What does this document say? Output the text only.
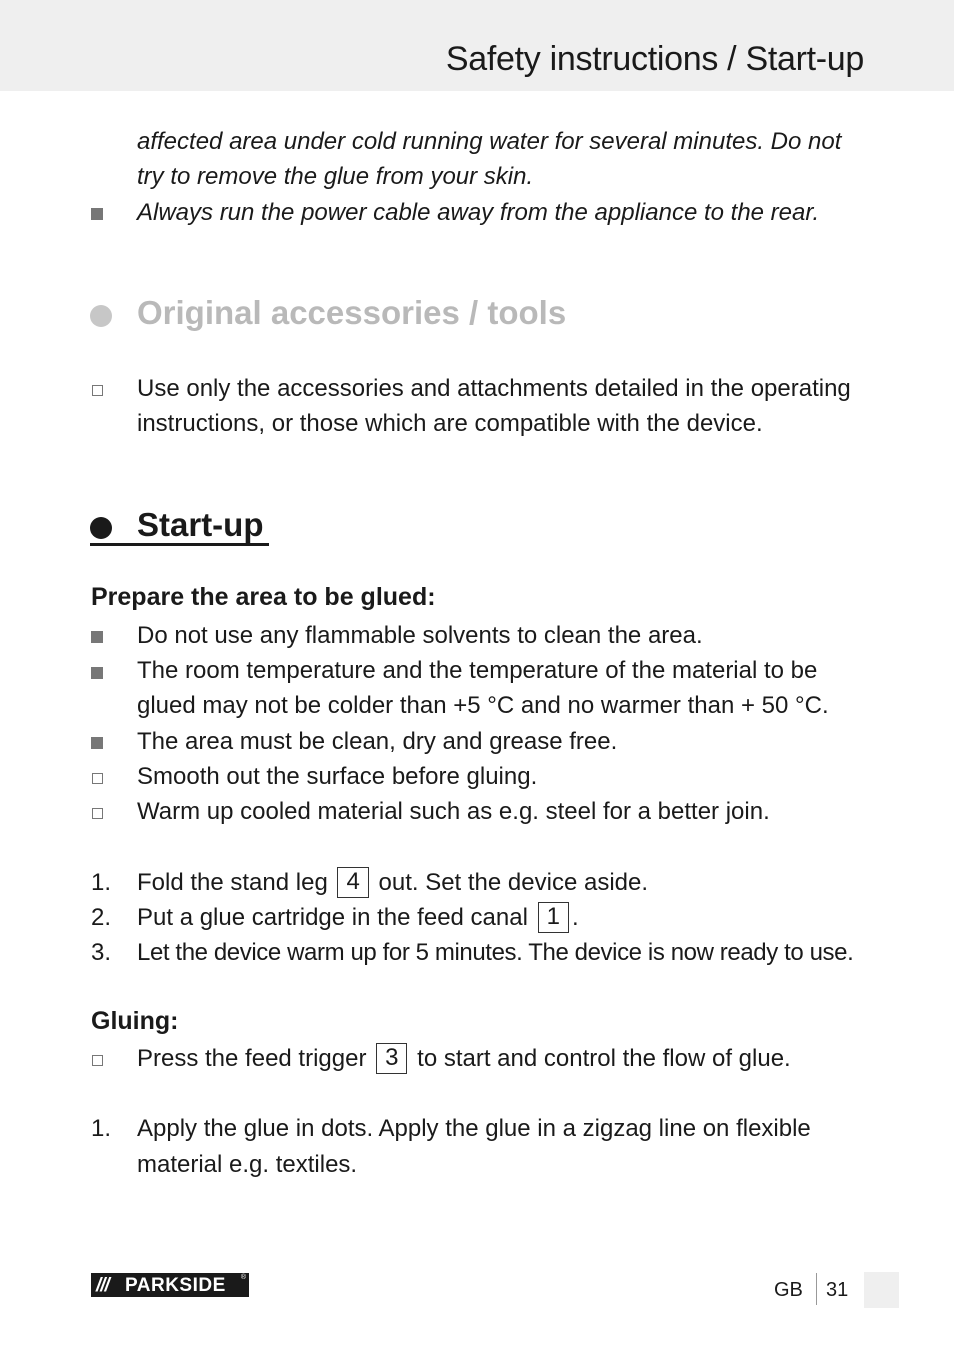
Safety instructions / Start-up
affected area under cold running water for several minutes. Do not
try to remove the glue from your skin.
Always run the power cable away from the appliance to the rear.
Original accessories / tools
Use only the accessories and attachments detailed in the operating
instructions, or those which are compatible with the device.
Start-up
Prepare the area to be glued:
Do not use any flammable solvents to clean the area.
The room temperature and the temperature of the material to be
glued may not be colder than +5 °C and no warmer than + 50 °C.
The area must be clean, dry and grease free.
Smooth out the surface before gluing.
Warm up cooled material such as e.g. steel for a better join.
1. Fold the stand leg 4 out. Set the device aside.
2. Put a glue cartridge in the feed canal 1 .
3. Let the device warm up for 5 minutes. The device is now ready to use.
Gluing:
Press the feed trigger 3 to start and control the flow of glue.
1. Apply the glue in dots. Apply the glue in a zigzag line on flexible
material e.g. textiles.
/// PARKSIDE ®
GB 31
